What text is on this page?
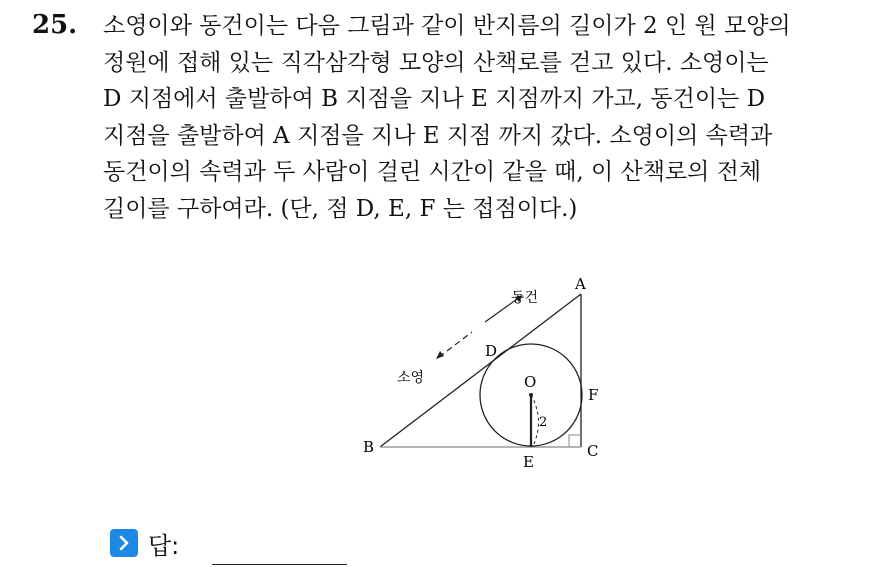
25. 소영이와 동건이는 다음 그림과 같이 반지름의 길이가 2 인 원 모양의
정원에 접해 있는 직각삼각형 모양의 산책로를 걷고 있다. 소영이는
D 지점에서 출발하여 B 지점을 지나 E 지점까지 가고, 동건이는 D
지점을 출발하여 A 지점을 지나 E 지점 까지 갔다. 소영이의 속력과
동건이의 속력과 두 사람이 걸린 시간이 같을 때, 이 산책로의 전체
길이를 구하여라. (단, 점 D, E, F 는 접점이다.)
A
B	C
D
E
F
O
2
동건
소영
답:
